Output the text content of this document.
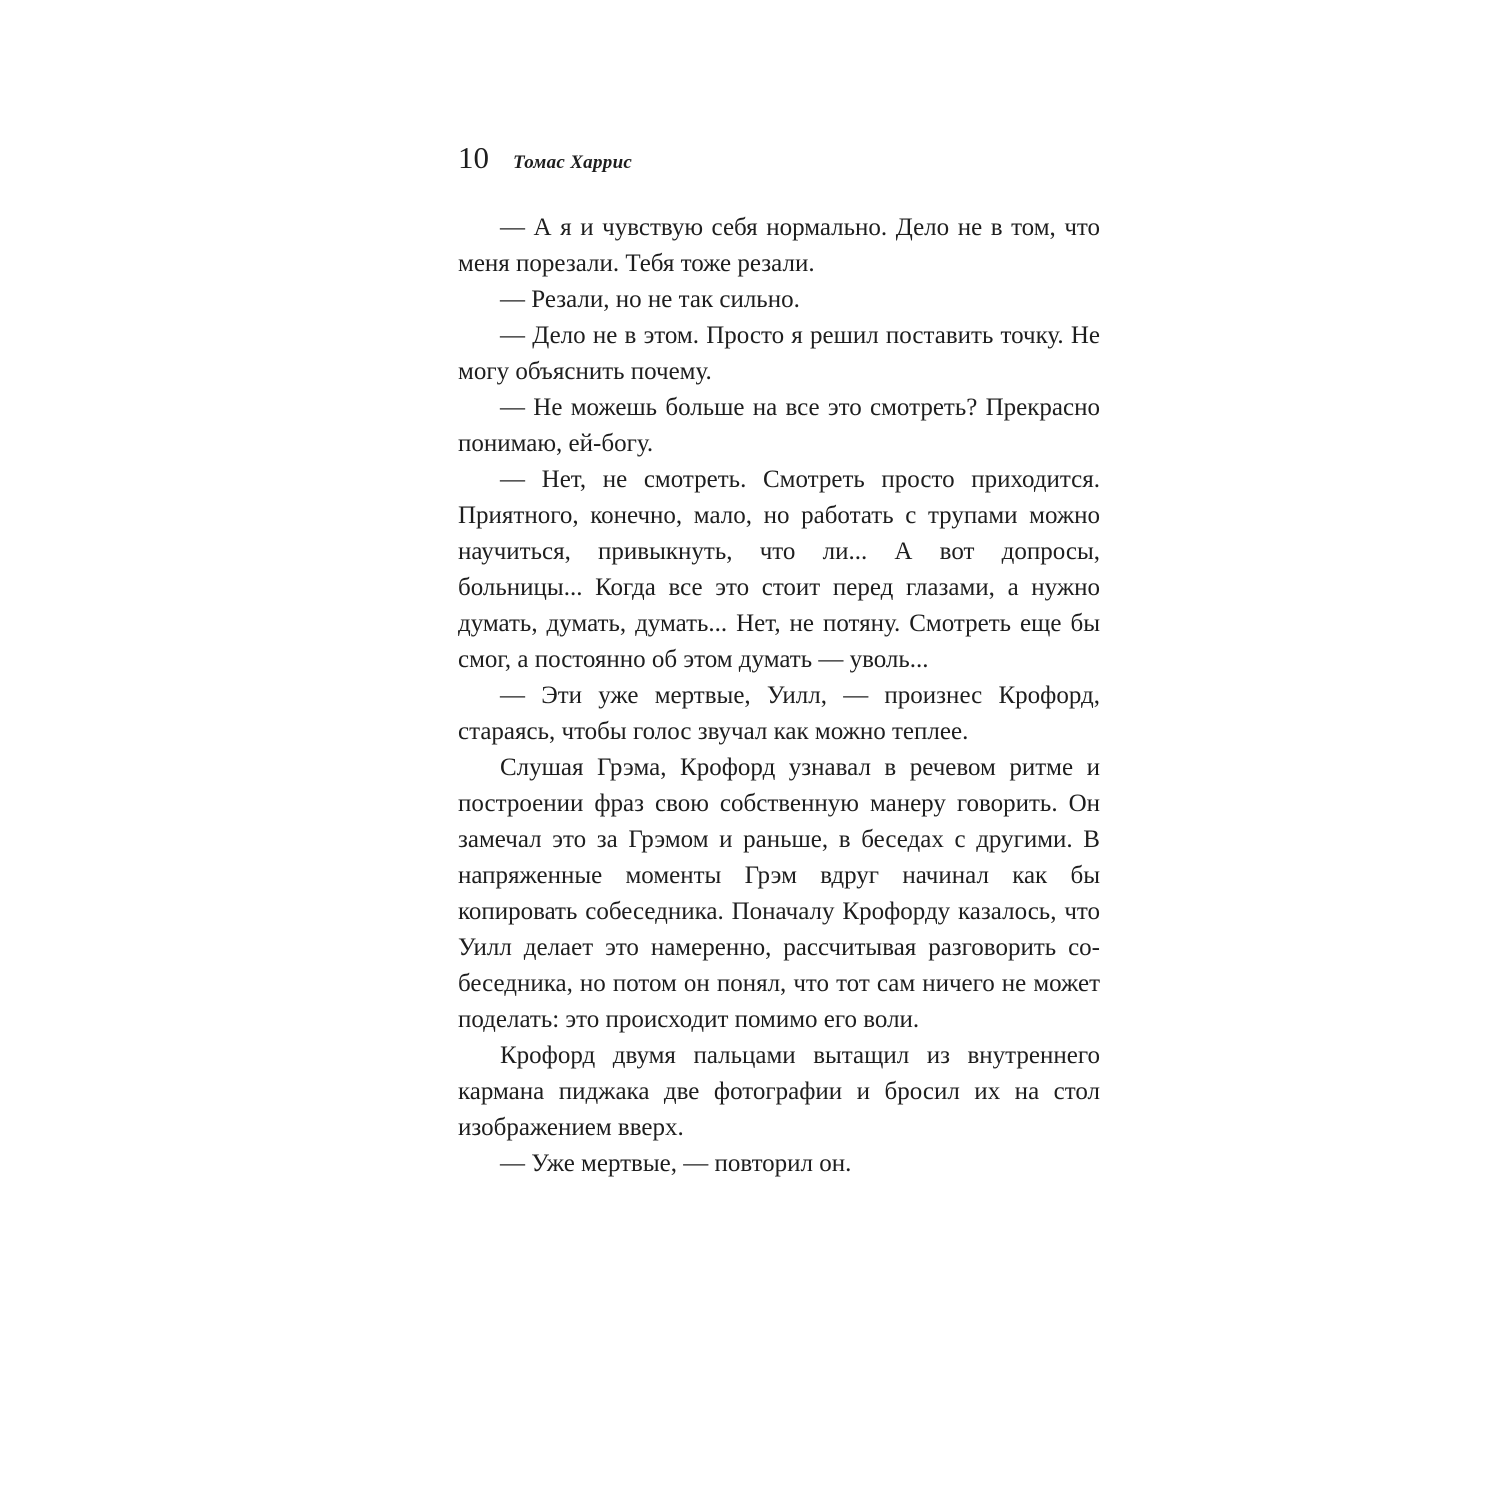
10 Томас Харрис

— А я и чувствую себя нормально. Дело не в том, что меня порезали. Тебя тоже резали.

— Резали, но не так сильно.

— Дело не в этом. Просто я решил поставить точку. Не могу объяснить почему.

— Не можешь больше на все это смотреть? Прекрасно понимаю, ей-богу.

— Нет, не смотреть. Смотреть просто приходится. Приятного, конечно, мало, но работать с трупами можно научиться, привыкнуть, что ли... А вот допросы, больницы... Когда все это стоит перед глазами, а нужно думать, думать, думать... Нет, не потяну. Смотреть еще бы смог, а постоянно об этом думать — уволь...

— Эти уже мертвые, Уилл, — произнес Крофорд, стараясь, чтобы голос звучал как можно теплее.

Слушая Грэма, Крофорд узнавал в речевом ритме и построении фраз свою собственную манеру говорить. Он замечал это за Грэмом и раньше, в беседах с другими. В напряженные моменты Грэм вдруг начинал как бы копировать собеседника. Поначалу Крофорду казалось, что Уилл делает это намеренно, рассчитывая разговорить собеседника, но потом он понял, что тот сам ничего не может поделать: это происходит помимо его воли.

Крофорд двумя пальцами вытащил из внутреннего кармана пиджака две фотографии и бросил их на стол изображением вверх.

— Уже мертвые, — повторил он.
